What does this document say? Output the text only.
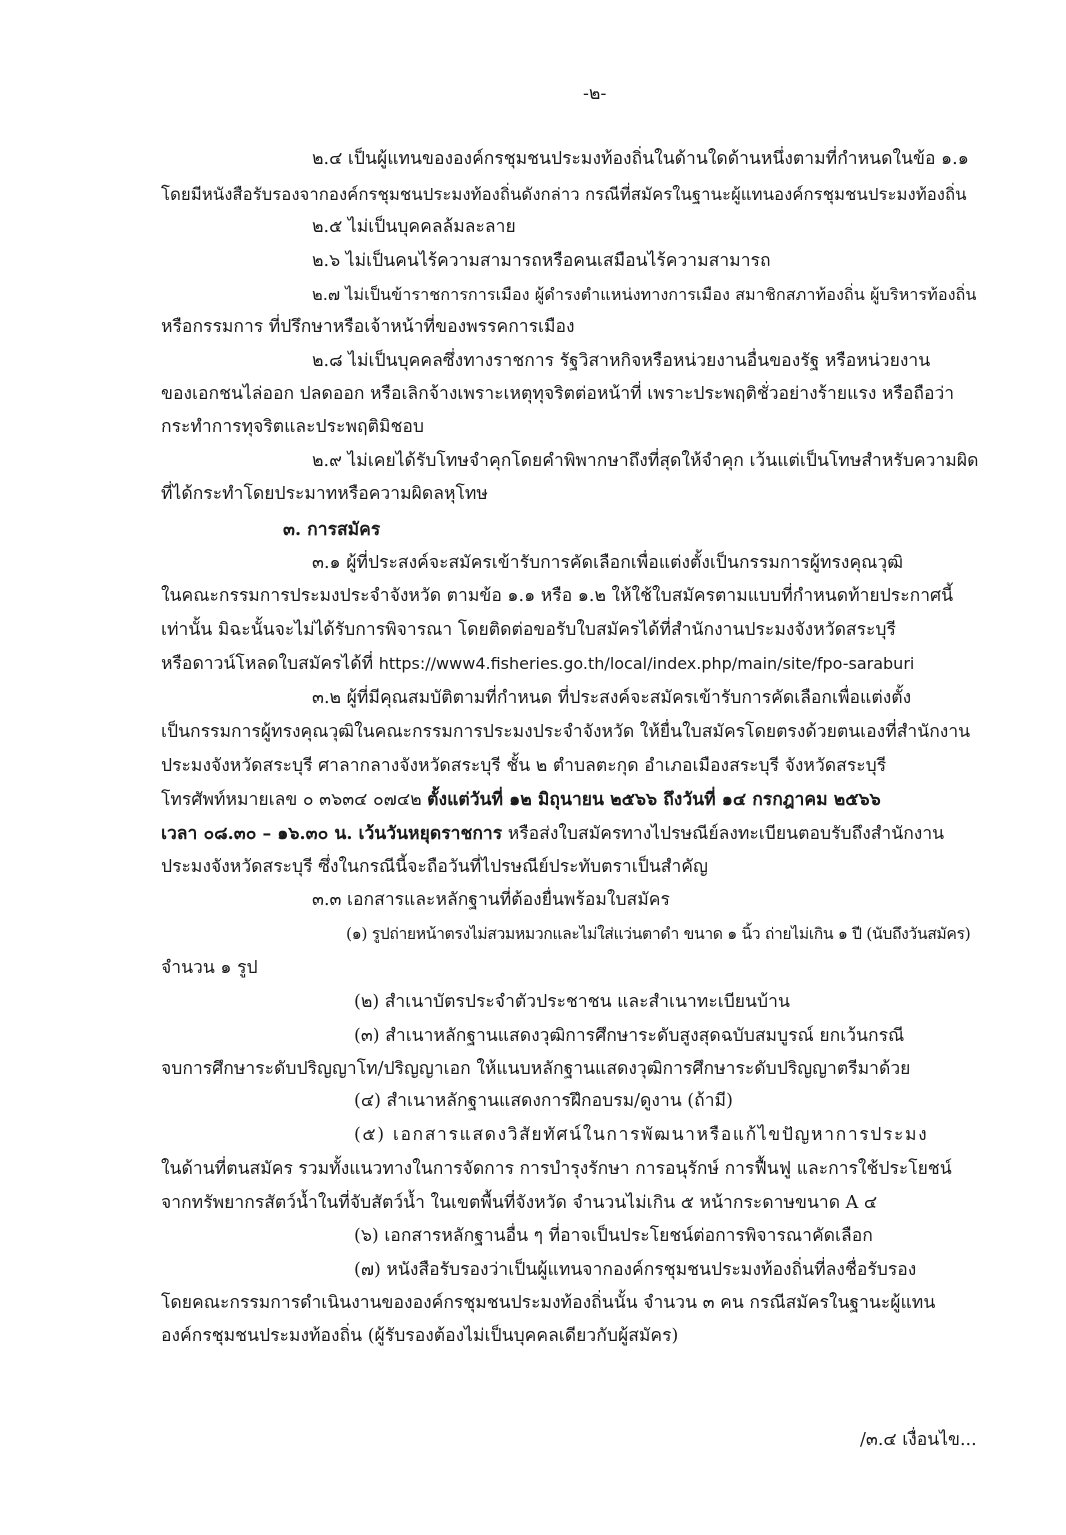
-๒-
๒.๔ เป็นผู้แทนขององค์กรชุมชนประมงท้องถิ่นในด้านใดด้านหนึ่งตามที่กำหนดในข้อ ๑.๑
โดยมีหนังสือรับรองจากองค์กรชุมชนประมงท้องถิ่นดังกล่าว กรณีที่สมัครในฐานะผู้แทนองค์กรชุมชนประมงท้องถิ่น
๒.๕ ไม่เป็นบุคคลล้มละลาย
๒.๖ ไม่เป็นคนไร้ความสามารถหรือคนเสมือนไร้ความสามารถ
๒.๗ ไม่เป็นข้าราชการการเมือง ผู้ดำรงตำแหน่งทางการเมือง สมาชิกสภาท้องถิ่น ผู้บริหารท้องถิ่น
หรือกรรมการ ที่ปรึกษาหรือเจ้าหน้าที่ของพรรคการเมือง
๒.๘ ไม่เป็นบุคคลซึ่งทางราชการ รัฐวิสาหกิจหรือหน่วยงานอื่นของรัฐ หรือหน่วยงาน
ของเอกชนไล่ออก ปลดออก หรือเลิกจ้างเพราะเหตุทุจริตต่อหน้าที่ เพราะประพฤติชั่วอย่างร้ายแรง หรือถือว่า
กระทำการทุจริตและประพฤติมิชอบ
๒.๙ ไม่เคยได้รับโทษจำคุกโดยคำพิพากษาถึงที่สุดให้จำคุก เว้นแต่เป็นโทษสำหรับความผิด
ที่ได้กระทำโดยประมาทหรือความผิดลหุโทษ
๓. การสมัคร
๓.๑ ผู้ที่ประสงค์จะสมัครเข้ารับการคัดเลือกเพื่อแต่งตั้งเป็นกรรมการผู้ทรงคุณวุฒิ
ในคณะกรรมการประมงประจำจังหวัด ตามข้อ ๑.๑ หรือ ๑.๒ ให้ใช้ใบสมัครตามแบบที่กำหนดท้ายประกาศนี้
เท่านั้น มิฉะนั้นจะไม่ได้รับการพิจารณา โดยติดต่อขอรับใบสมัครได้ที่สำนักงานประมงจังหวัดสระบุรี
หรือดาวน์โหลดใบสมัครได้ที่ https://www4.fisheries.go.th/local/index.php/main/site/fpo-saraburi
๓.๒ ผู้ที่มีคุณสมบัติตามที่กำหนด ที่ประสงค์จะสมัครเข้ารับการคัดเลือกเพื่อแต่งตั้ง
เป็นกรรมการผู้ทรงคุณวุฒิในคณะกรรมการประมงประจำจังหวัด ให้ยื่นใบสมัครโดยตรงด้วยตนเองที่สำนักงาน
ประมงจังหวัดสระบุรี ศาลากลางจังหวัดสระบุรี ชั้น ๒ ตำบลตะกุด อำเภอเมืองสระบุรี จังหวัดสระบุรี
โทรศัพท์หมายเลข ๐ ๓๖๓๔ ๐๗๔๒ ตั้งแต่วันที่ ๑๒ มิถุนายน ๒๕๖๖ ถึงวันที่ ๑๔ กรกฎาคม ๒๕๖๖
เวลา ๐๘.๓๐ – ๑๖.๓๐ น. เว้นวันหยุดราชการ หรือส่งใบสมัครทางไปรษณีย์ลงทะเบียนตอบรับถึงสำนักงาน
ประมงจังหวัดสระบุรี ซึ่งในกรณีนี้จะถือวันที่ไปรษณีย์ประทับตราเป็นสำคัญ
๓.๓ เอกสารและหลักฐานที่ต้องยื่นพร้อมใบสมัคร
(๑) รูปถ่ายหน้าตรงไม่สวมหมวกและไม่ใส่แว่นตาดำ ขนาด ๑ นิ้ว ถ่ายไม่เกิน ๑ ปี (นับถึงวันสมัคร)
จำนวน ๑ รูป
(๒) สำเนาบัตรประจำตัวประชาชน และสำเนาทะเบียนบ้าน
(๓) สำเนาหลักฐานแสดงวุฒิการศึกษาระดับสูงสุดฉบับสมบูรณ์ ยกเว้นกรณี
จบการศึกษาระดับปริญญาโท/ปริญญาเอก ให้แนบหลักฐานแสดงวุฒิการศึกษาระดับปริญญาตรีมาด้วย
(๔) สำเนาหลักฐานแสดงการฝึกอบรม/ดูงาน (ถ้ามี)
(๕) เอกสารแสดงวิสัยทัศน์ในการพัฒนาหรือแก้ไขปัญหาการประมง
ในด้านที่ตนสมัคร รวมทั้งแนวทางในการจัดการ การบำรุงรักษา การอนุรักษ์ การฟื้นฟู และการใช้ประโยชน์
จากทรัพยากรสัตว์น้ำในที่จับสัตว์น้ำ ในเขตพื้นที่จังหวัด จำนวนไม่เกิน ๕ หน้ากระดาษขนาด A ๔
(๖) เอกสารหลักฐานอื่น ๆ ที่อาจเป็นประโยชน์ต่อการพิจารณาคัดเลือก
(๗) หนังสือรับรองว่าเป็นผู้แทนจากองค์กรชุมชนประมงท้องถิ่นที่ลงชื่อรับรอง
โดยคณะกรรมการดำเนินงานขององค์กรชุมชนประมงท้องถิ่นนั้น จำนวน ๓ คน กรณีสมัครในฐานะผู้แทน
องค์กรชุมชนประมงท้องถิ่น (ผู้รับรองต้องไม่เป็นบุคคลเดียวกับผู้สมัคร)
/๓.๔ เงื่อนไข...
